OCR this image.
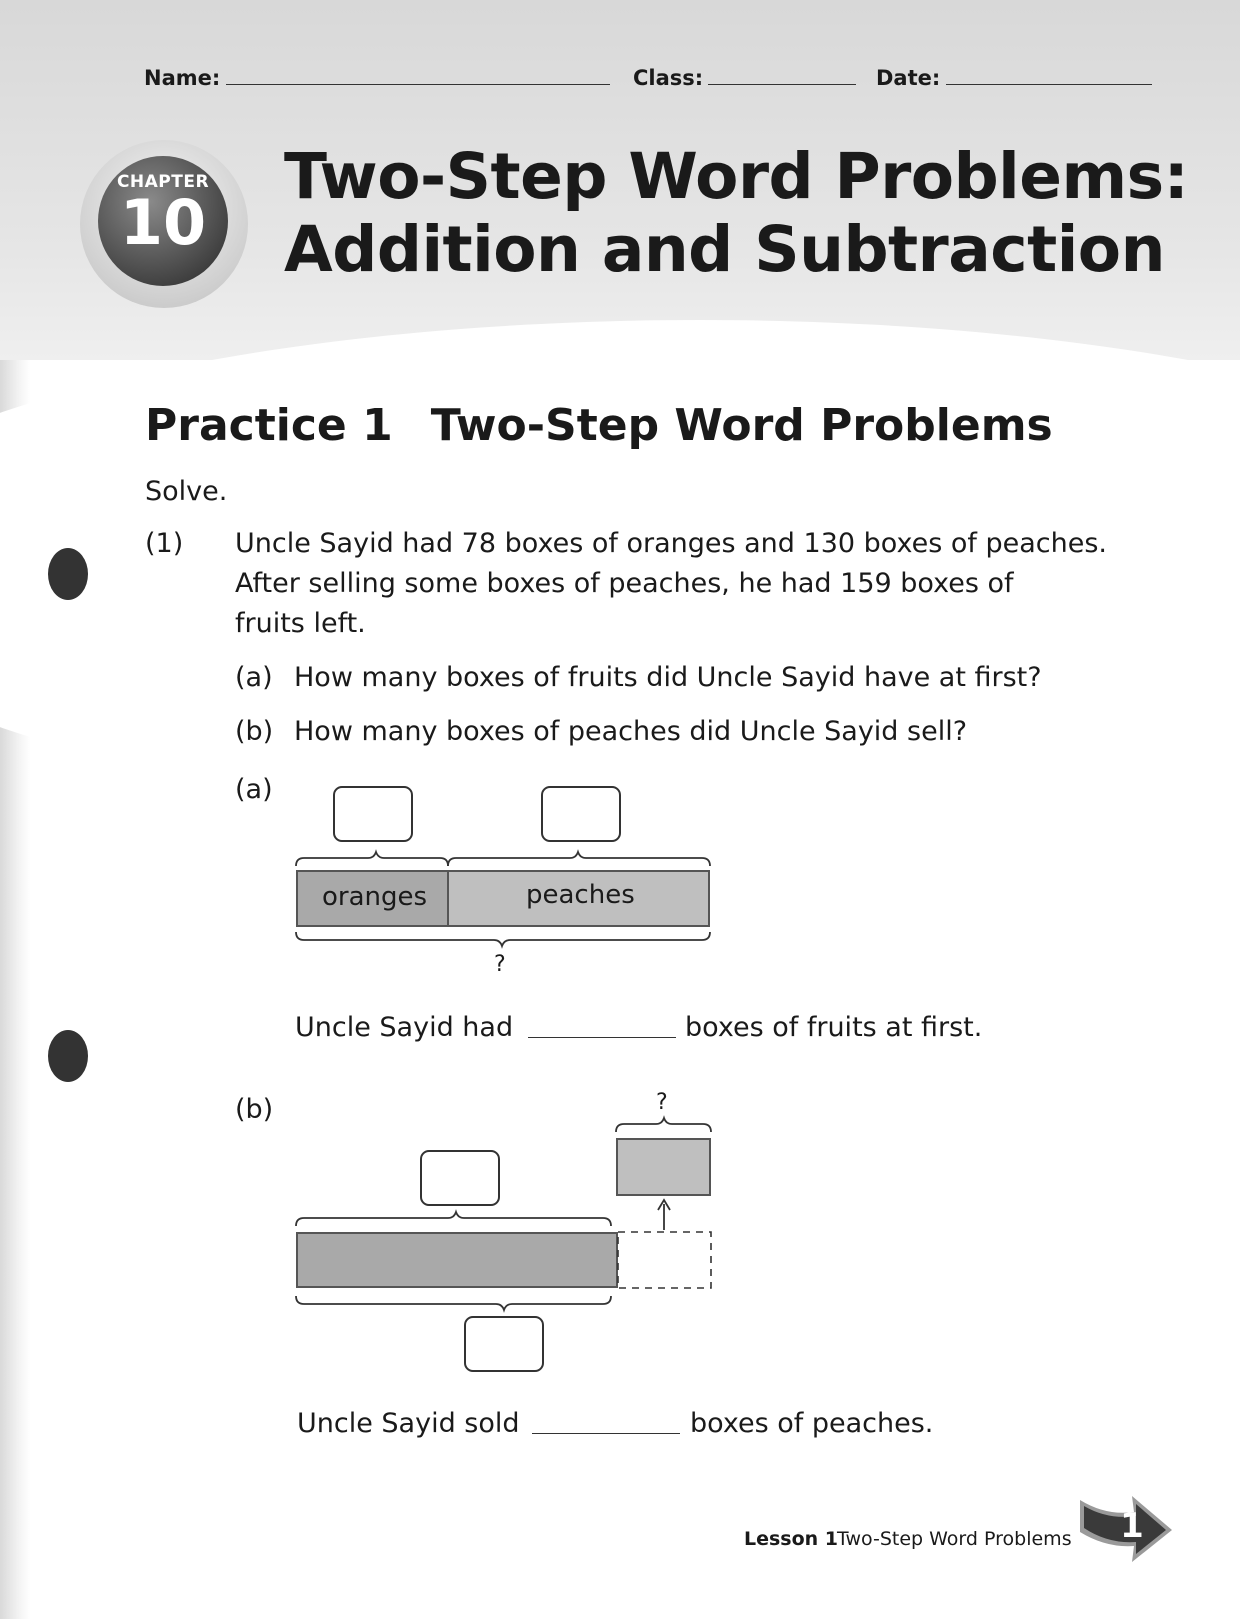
Name:	Class:	Date:
CHAPTER
10
Two-Step Word Problems:
Addition and Subtraction
Practice 1 Two-Step Word Problems
Solve.
(1) Uncle Sayid had 78 boxes of oranges and 130 boxes of peaches.
After selling some boxes of peaches, he had 159 boxes of
fruits left.
(a) How many boxes of fruits did Uncle Sayid have at first?
(b) How many boxes of peaches did Uncle Sayid sell?
(a)
oranges	peaches
?
Uncle Sayid had	boxes of fruits at first.
(b)	?
Uncle Sayid sold	boxes of peaches.
Lesson 1
Two-Step Word Problems 1
